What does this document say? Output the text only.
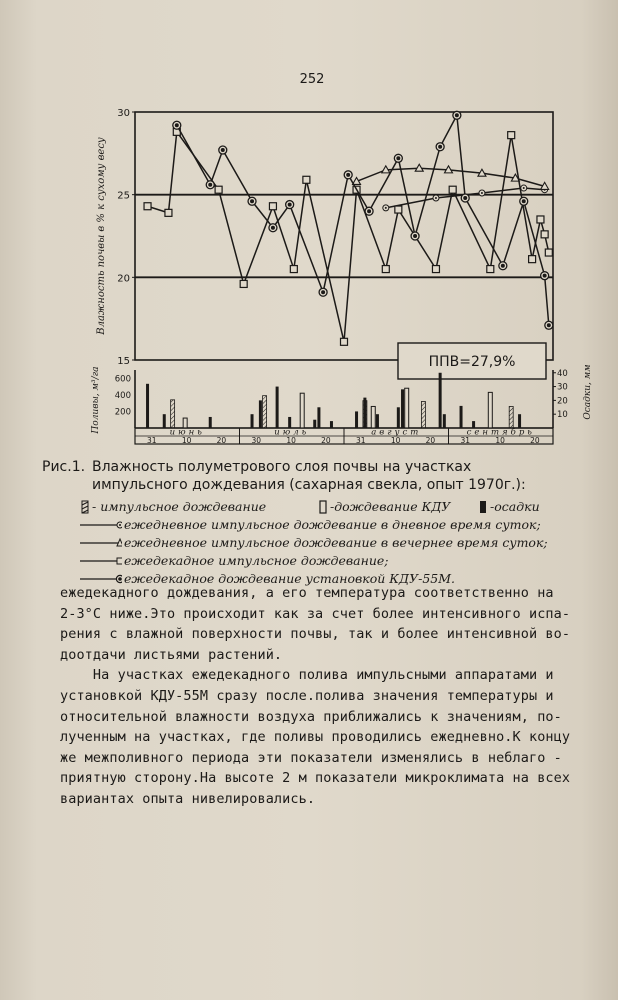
252
15
20
25
30
Влажность почвы в % к сухому весу
ППВ=27,9%
200
400
600
10
20
30
40
Поливы, м³/га	Осадки, мм
июнь	июль	август	сентябрь
31	10	20	30	10	20	31	10	20	31	10	20
Рис.1. Влажность полуметрового слоя почвы на участках импульсного дождевания (сахарная свекла, опыт 1970г.):
- импульсное дождевание	-дождевание КДУ	-осадки
ежедневное импульсное дождевание в дневное время суток;
ежедневное импульсное дождевание в вечернее время суток;
ежедекадное импульсное дождевание;
ежедекадное дождевание установкой КДУ-55М.

ежедекадного дождевания, а его температура соответственно на
2-3°С ниже.Это происходит как за счет более интенсивного испа-
рения с влажной поверхности почвы, так и более интенсивной во-
доотдачи листьями растений.

На участках ежедекадного полива импульсными аппаратами и
установкой КДУ-55М сразу после.полива значения температуры и
относительной влажности воздуха приближались к значениям, по-
лученным на участках, где поливы проводились ежедневно.К концу
же межполивного периода эти показатели изменялись в неблаго -
приятную сторону.На высоте 2 м показатели микроклимата на всех
вариантах опыта нивелировались.
